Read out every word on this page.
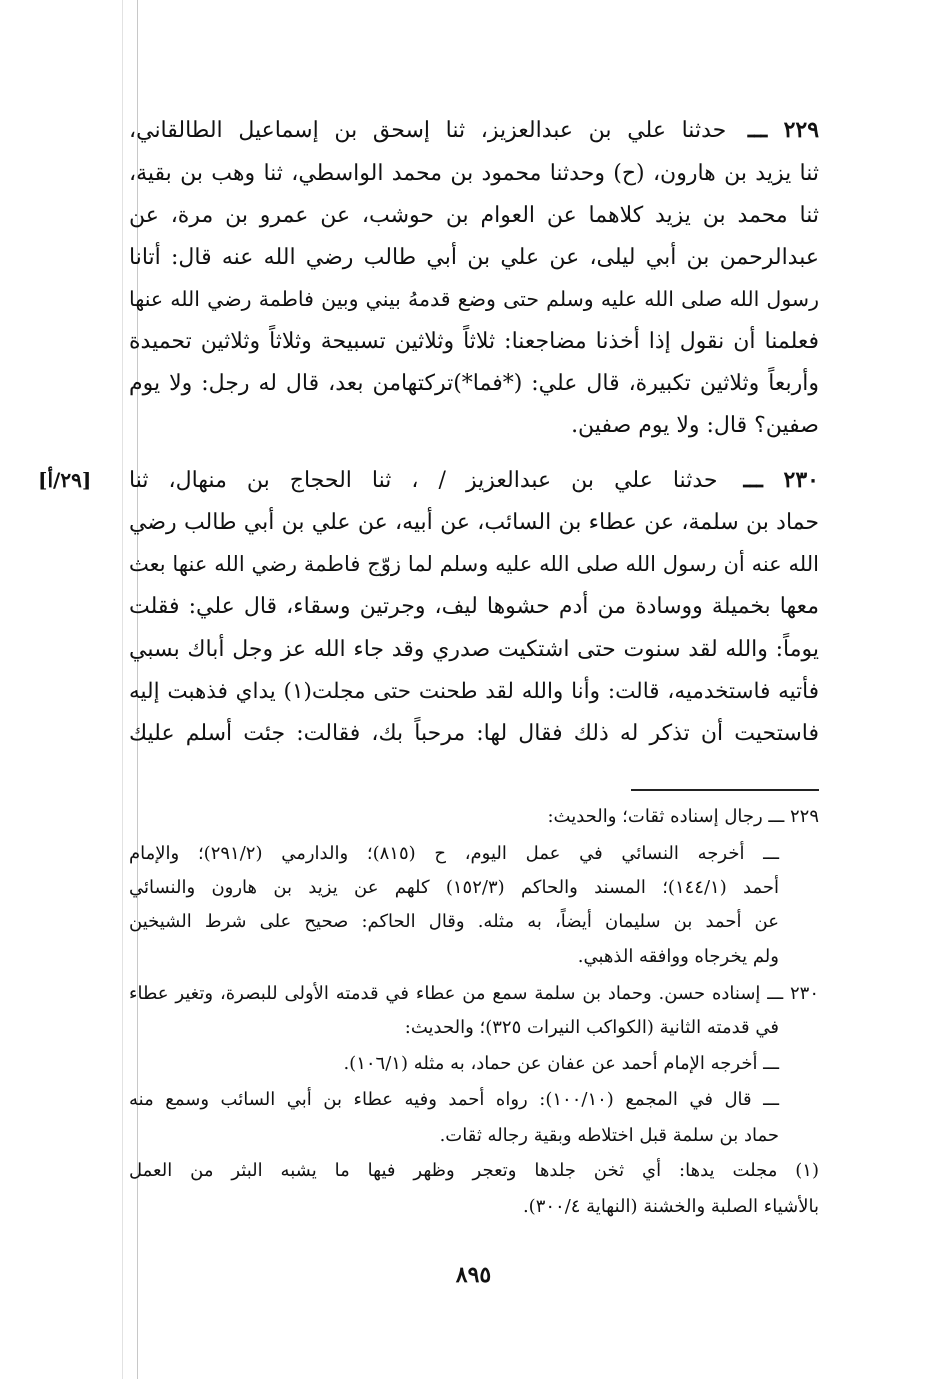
٢٢٩ ـــ حدثنا علي بن عبدالعزيز، ثنا إسحق بن إسماعيل الطالقاني،
ثنا يزيد بن هارون، (ح) وحدثنا محمود بن محمد الواسطي، ثنا وهب بن بقية،
ثنا محمد بن يزيد كلاهما عن العوام بن حوشب، عن عمرو بن مرة، عن
عبدالرحمن بن أبي ليلى، عن علي بن أبي طالب رضي الله عنه قال: أتانا
رسول الله صلى الله عليه وسلم حتى وضع قدمهُ بيني وبين فاطمة رضي الله عنها
فعلمنا أن نقول إذا أخذنا مضاجعنا: ثلاثاً وثلاثين تسبيحة وثلاثاً وثلاثين تحميدة
وأربعاً وثلاثين تكبيرة، قال علي: (*فما*)تركتهامن بعد، قال له رجل: ولا يوم
صفين؟ قال: ولا يوم صفين.
[٢٩/أ]	٢٣٠ ـــ حدثنا علي بن عبدالعزيز / ، ثنا الحجاج بن منهال، ثنا
حماد بن سلمة، عن عطاء بن السائب، عن أبيه، عن علي بن أبي طالب رضي
الله عنه أن رسول الله صلى الله عليه وسلم لما زوّج فاطمة رضي الله عنها بعث
معها بخميلة ووسادة من أدم حشوها ليف، وجرتين وسقاء، قال علي: فقلت
يوماً: والله لقد سنوت حتى اشتكيت صدري وقد جاء الله عز وجل أباك بسبي
فأتيه فاستخدميه، قالت: وأنا والله لقد طحنت حتى مجلت(١) يداي فذهبت إليه
فاستحيت أن تذكر له ذلك فقال لها: مرحباً بك، فقالت: جئت أسلم عليك
٢٢٩ ـــ رجال إسناده ثقات؛ والحديث:
ـــ أخرجه النسائي في عمل اليوم، ح (٨١٥)؛ والدارمي (٢٩١/٢)؛ والإمام
أحمد (١٤٤/١)؛ المسند والحاكم (١٥٢/٣) كلهم عن يزيد بن هارون والنسائي
عن أحمد بن سليمان أيضاً، به مثله. وقال الحاكم: صحيح على شرط الشيخين
ولم يخرجاه ووافقه الذهبي.
٢٣٠ ـــ إسناده حسن. وحماد بن سلمة سمع من عطاء في قدمته الأولى للبصرة، وتغير عطاء
في قدمته الثانية (الكواكب النيرات ٣٢٥)؛ والحديث:
ـــ أخرجه الإمام أحمد عن عفان عن حماد، به مثله (١٠٦/١).
ـــ قال في المجمع (١٠٠/١٠): رواه أحمد وفيه عطاء بن أبي السائب وسمع منه
حماد بن سلمة قبل اختلاطه وبقية رجاله ثقات.
(١) مجلت يدها: أي ثخن جلدها وتعجر وظهر فيها ما يشبه البثر من العمل
بالأشياء الصلبة والخشنة (النهاية ٣٠٠/٤).
٨٩٥
